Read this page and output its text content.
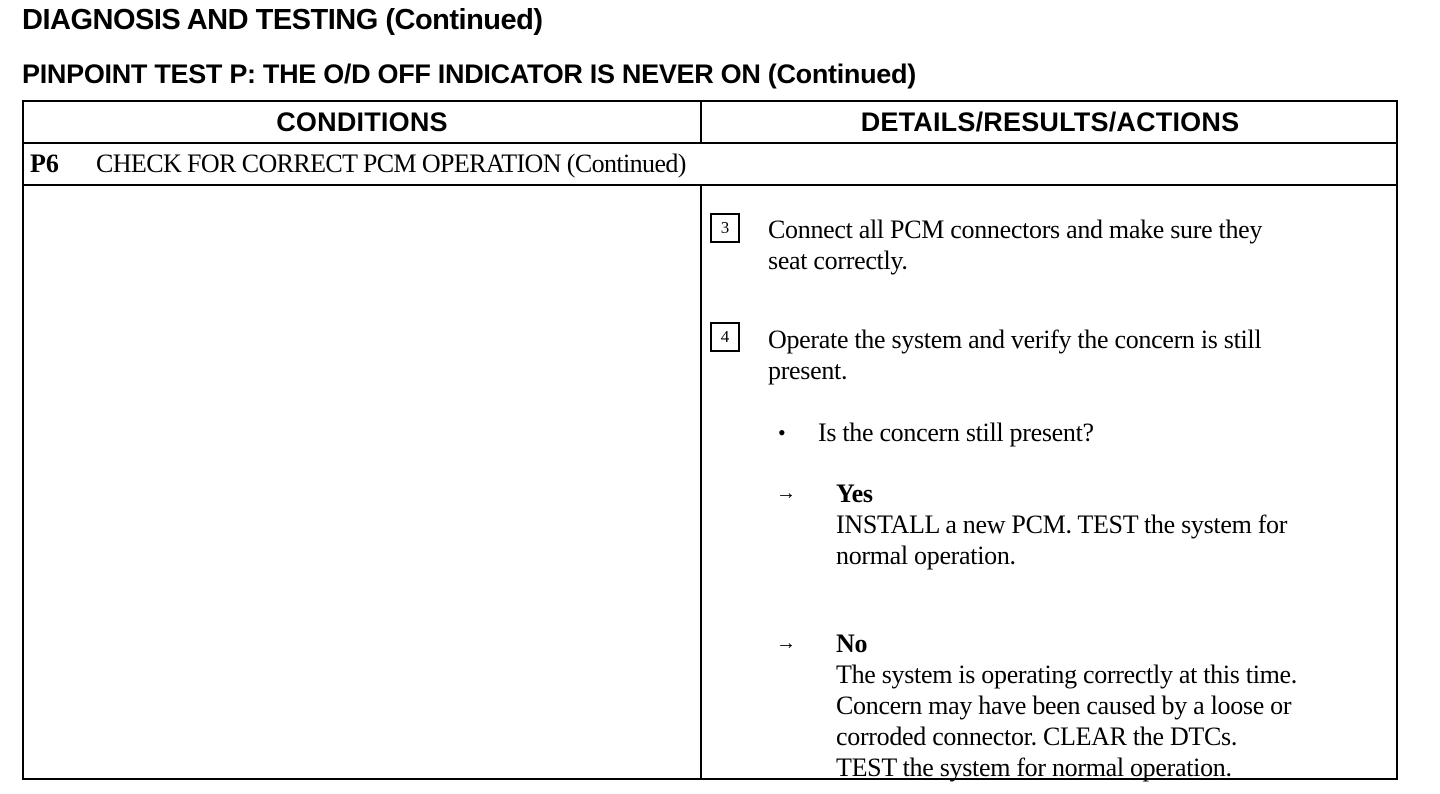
DIAGNOSIS AND TESTING (Continued)
PINPOINT TEST P: THE O/D OFF INDICATOR IS NEVER ON (Continued)
CONDITIONS	DETAILS/RESULTS/ACTIONS
P6 CHECK FOR CORRECT PCM OPERATION (Continued)
3	Connect all PCM connectors and make sure they
seat correctly.
4	Operate the system and verify the concern is still
present.
• Is the concern still present?
→ Yes
INSTALL a new PCM. TEST the system for
normal operation.
→ No
The system is operating correctly at this time.
Concern may have been caused by a loose or
corroded connector. CLEAR the DTCs.
TEST the system for normal operation.
